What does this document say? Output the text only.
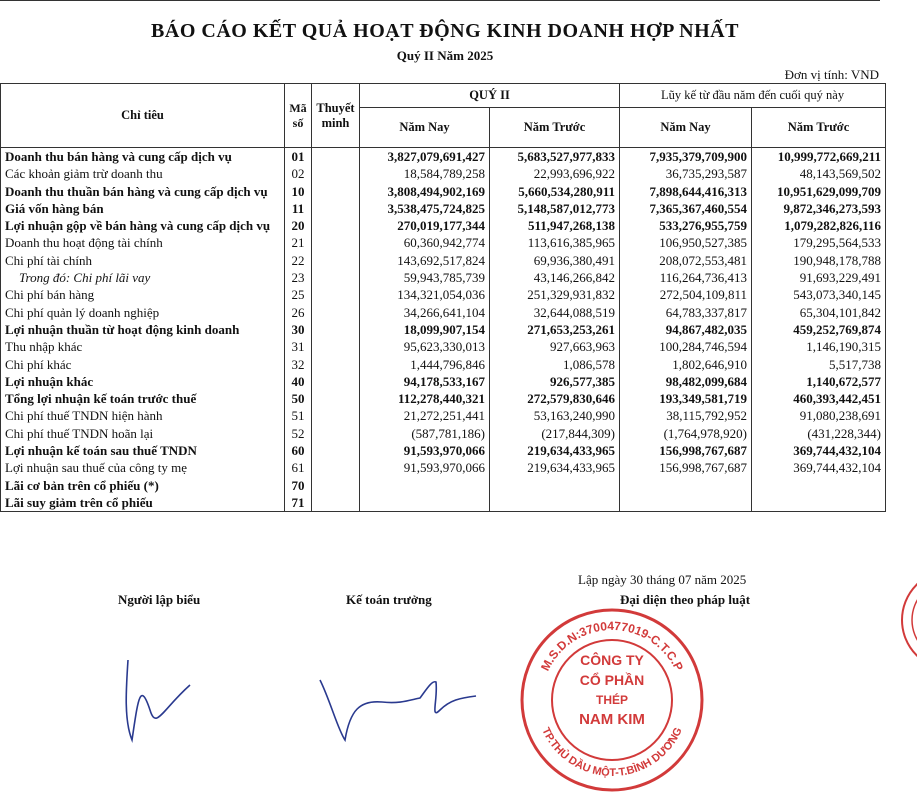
BÁO CÁO KẾT QUẢ HOẠT ĐỘNG KINH DOANH HỢP NHẤT
Quý II Năm 2025
Đơn vị tính: VND
Chỉ tiêu	Mã số	Thuyết minh	QUÝ II		Lũy kế từ đầu năm đến cuối quý này	
			Năm Nay	Năm Trước	Năm Nay	Năm Trước
Doanh thu bán hàng và cung cấp dịch vụ	01		3,827,079,691,427	5,683,527,977,833	7,935,379,709,900	10,999,772,669,211
Các khoản giảm trừ doanh thu	02		18,584,789,258	22,993,696,922	36,735,293,587	48,143,569,502
Doanh thu thuần bán hàng và cung cấp dịch vụ	10		3,808,494,902,169	5,660,534,280,911	7,898,644,416,313	10,951,629,099,709
Giá vốn hàng bán	11		3,538,475,724,825	5,148,587,012,773	7,365,367,460,554	9,872,346,273,593
Lợi nhuận gộp về bán hàng và cung cấp dịch vụ	20		270,019,177,344	511,947,268,138	533,276,955,759	1,079,282,826,116
Doanh thu hoạt động tài chính	21		60,360,942,774	113,616,385,965	106,950,527,385	179,295,564,533
Chi phí tài chính	22		143,692,517,824	69,936,380,491	208,072,553,481	190,948,178,788
Trong đó: Chi phí lãi vay	23		59,943,785,739	43,146,266,842	116,264,736,413	91,693,229,491
Chi phí bán hàng	25		134,321,054,036	251,329,931,832	272,504,109,811	543,073,340,145
Chi phí quản lý doanh nghiệp	26		34,266,641,104	32,644,088,519	64,783,337,817	65,304,101,842
Lợi nhuận thuần từ hoạt động kinh doanh	30		18,099,907,154	271,653,253,261	94,867,482,035	459,252,769,874
Thu nhập khác	31		95,623,330,013	927,663,963	100,284,746,594	1,146,190,315
Chi phí khác	32		1,444,796,846	1,086,578	1,802,646,910	5,517,738
Lợi nhuận khác	40		94,178,533,167	926,577,385	98,482,099,684	1,140,672,577
Tổng lợi nhuận kế toán trước thuế	50		112,278,440,321	272,579,830,646	193,349,581,719	460,393,442,451
Chi phí thuế TNDN hiện hành	51		21,272,251,441	53,163,240,990	38,115,792,952	91,080,238,691
Chi phí thuế TNDN hoãn lại	52		(587,781,186)	(217,844,309)	(1,764,978,920)	(431,228,344)
Lợi nhuận kế toán sau thuế TNDN	60		91,593,970,066	219,634,433,965	156,998,767,687	369,744,432,104
Lợi nhuận sau thuế của công ty mẹ	61		91,593,970,066	219,634,433,965	156,998,767,687	369,744,432,104
Lãi cơ bản trên cổ phiếu (*)	70					
Lãi suy giảm trên cổ phiếu	71					
Lập ngày 30 tháng 07 năm 2025
Người lập biểu	Kế toán trưởng	Đại diện theo pháp luật
M.S.D.N:3700477019-C.T.C.P
TP.THỦ DẦU MỘT-T.BÌNH DƯƠNG
CÔNG TY
CỔ PHẦN
THÉP
NAM KIM
